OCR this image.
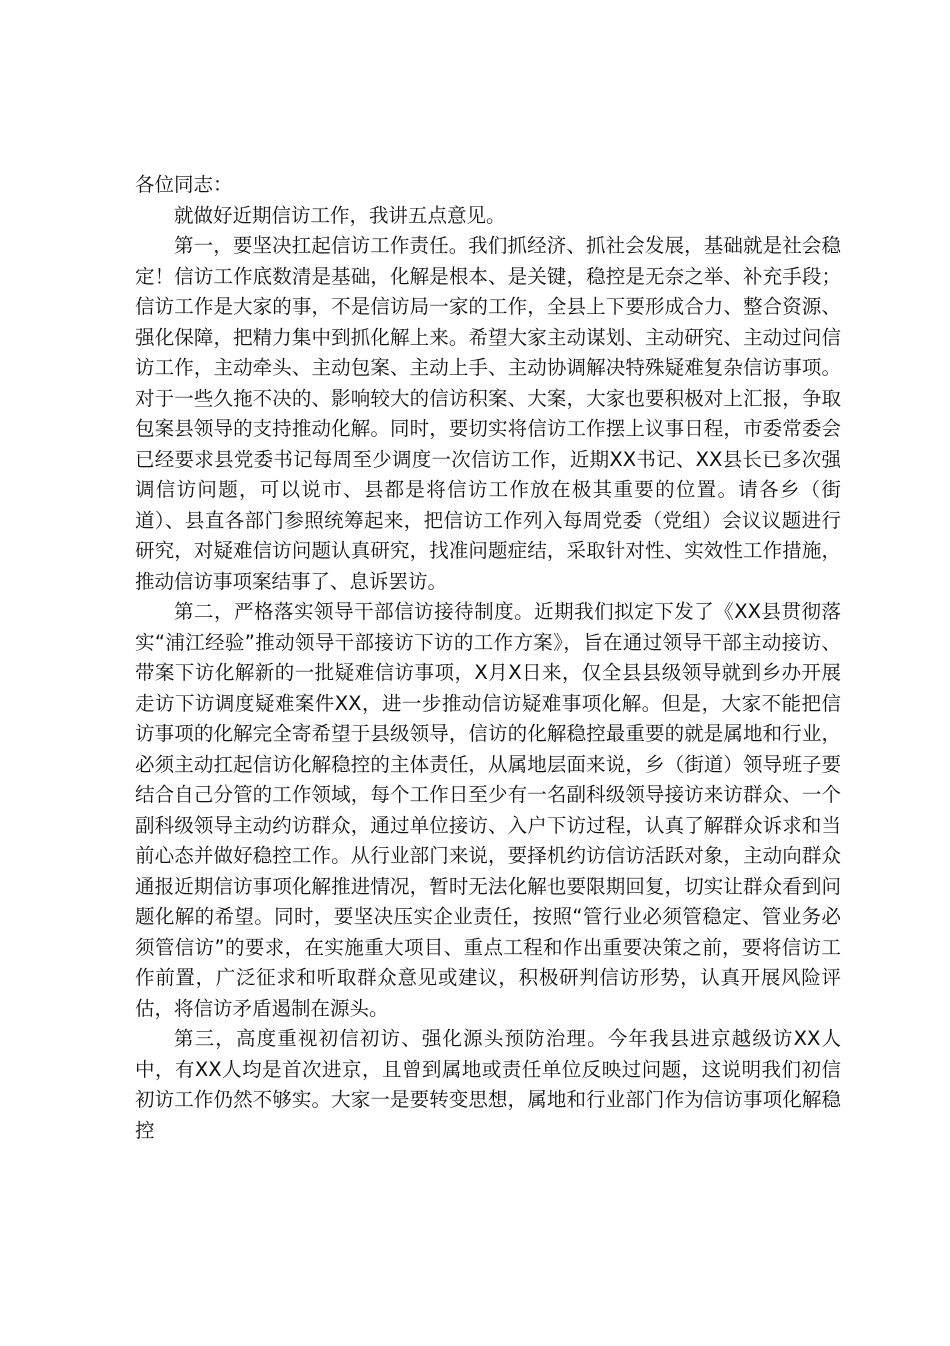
各位同志：

就做好近期信访工作，我讲五点意见。

第一，要坚决扛起信访工作责任。我们抓经济、抓社会发展，基础就是社会稳定！信访工作底数清是基础，化解是根本、是关键，稳控是无奈之举、补充手段；信访工作是大家的事，不是信访局一家的工作，全县上下要形成合力、整合资源、强化保障，把精力集中到抓化解上来。希望大家主动谋划、主动研究、主动过问信访工作，主动牵头、主动包案、主动上手、主动协调解决特殊疑难复杂信访事项。对于一些久拖不决的、影响较大的信访积案、大案，大家也要积极对上汇报，争取包案县领导的支持推动化解。同时，要切实将信访工作摆上议事日程，市委常委会已经要求县党委书记每周至少调度一次信访工作，近期XX书记、XX县长已多次强调信访问题，可以说市、县都是将信访工作放在极其重要的位置。请各乡（街道）、县直各部门参照统筹起来，把信访工作列入每周党委（党组）会议议题进行研究，对疑难信访问题认真研究，找准问题症结，采取针对性、实效性工作措施，推动信访事项案结事了、息诉罢访。

第二，严格落实领导干部信访接待制度。近期我们拟定下发了《XX县贯彻落实“浦江经验”推动领导干部接访下访的工作方案》，旨在通过领导干部主动接访、带案下访化解新的一批疑难信访事项，X月X日来，仅全县县级领导就到乡办开展走访下访调度疑难案件XX，进一步推动信访疑难事项化解。但是，大家不能把信访事项的化解完全寄希望于县级领导，信访的化解稳控最重要的就是属地和行业，必须主动扛起信访化解稳控的主体责任，从属地层面来说，乡（街道）领导班子要结合自己分管的工作领域，每个工作日至少有一名副科级领导接访来访群众、一个副科级领导主动约访群众，通过单位接访、入户下访过程，认真了解群众诉求和当前心态并做好稳控工作。从行业部门来说，要择机约访信访活跃对象，主动向群众通报近期信访事项化解推进情况，暂时无法化解也要限期回复，切实让群众看到问题化解的希望。同时，要坚决压实企业责任，按照“管行业必须管稳定、管业务必须管信访”的要求，在实施重大项目、重点工程和作出重要决策之前，要将信访工作前置，广泛征求和听取群众意见或建议，积极研判信访形势，认真开展风险评估，将信访矛盾遏制在源头。

第三，高度重视初信初访、强化源头预防治理。今年我县进京越级访XX人中，有XX人均是首次进京，且曾到属地或责任单位反映过问题，这说明我们初信初访工作仍然不够实。大家一是要转变思想，属地和行业部门作为信访事项化解稳控
